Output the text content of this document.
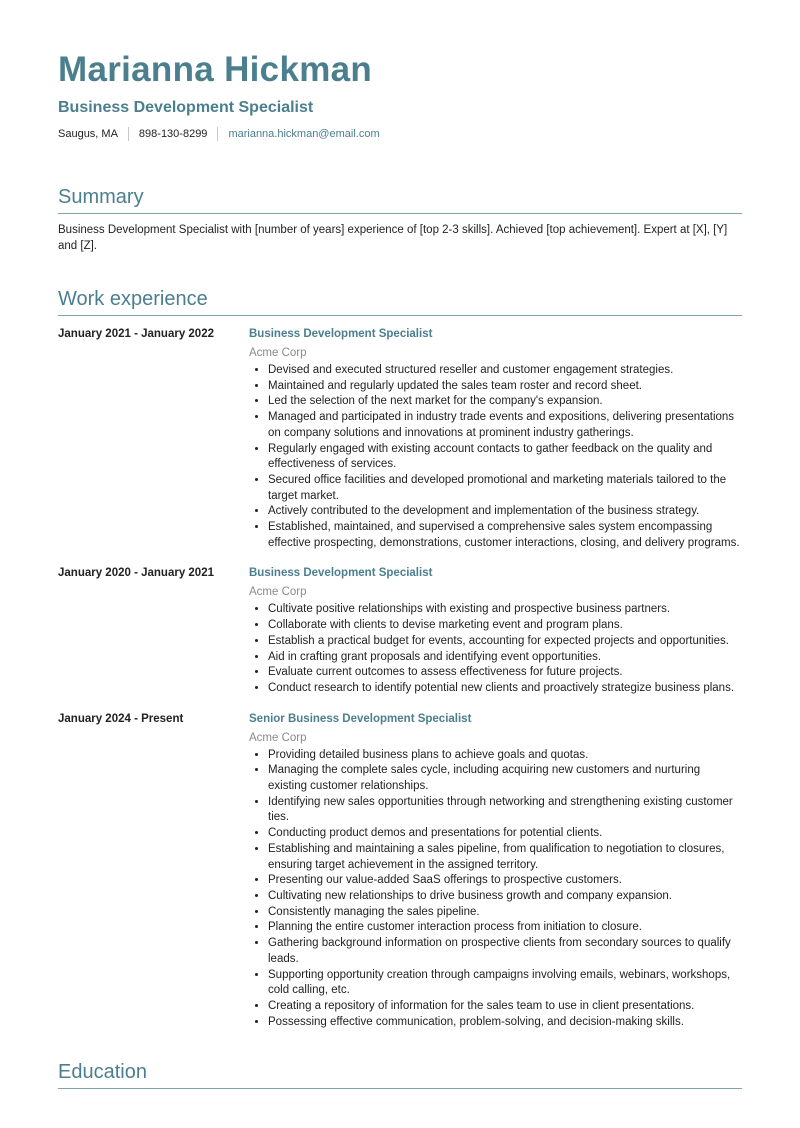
Marianna Hickman
Business Development Specialist
Saugus, MA	898-130-8299	marianna.hickman@email.com
Summary

Business Development Specialist with [number of years] experience of [top 2-3 skills]. Achieved [top achievement]. Expert at [X], [Y] and [Z].

Work experience
January 2021 - January 2022	Business Development Specialist
Acme Corp
• Devised and executed structured reseller and customer engagement strategies.
• Maintained and regularly updated the sales team roster and record sheet.
• Led the selection of the next market for the company's expansion.
• Managed and participated in industry trade events and expositions, delivering presentations on company solutions and innovations at prominent industry gatherings.
• Regularly engaged with existing account contacts to gather feedback on the quality and effectiveness of services.
• Secured office facilities and developed promotional and marketing materials tailored to the target market.
• Actively contributed to the development and implementation of the business strategy.
• Established, maintained, and supervised a comprehensive sales system encompassing effective prospecting, demonstrations, customer interactions, closing, and delivery programs.
January 2020 - January 2021	Business Development Specialist
Acme Corp
• Cultivate positive relationships with existing and prospective business partners.
• Collaborate with clients to devise marketing event and program plans.
• Establish a practical budget for events, accounting for expected projects and opportunities.
• Aid in crafting grant proposals and identifying event opportunities.
• Evaluate current outcomes to assess effectiveness for future projects.
• Conduct research to identify potential new clients and proactively strategize business plans.
January 2024 - Present	Senior Business Development Specialist
Acme Corp
• Providing detailed business plans to achieve goals and quotas.
• Managing the complete sales cycle, including acquiring new customers and nurturing existing customer relationships.
• Identifying new sales opportunities through networking and strengthening existing customer ties.
• Conducting product demos and presentations for potential clients.
• Establishing and maintaining a sales pipeline, from qualification to negotiation to closures, ensuring target achievement in the assigned territory.
• Presenting our value-added SaaS offerings to prospective customers.
• Cultivating new relationships to drive business growth and company expansion.
• Consistently managing the sales pipeline.
• Planning the entire customer interaction process from initiation to closure.
• Gathering background information on prospective clients from secondary sources to qualify leads.
• Supporting opportunity creation through campaigns involving emails, webinars, workshops, cold calling, etc.
• Creating a repository of information for the sales team to use in client presentations.
• Possessing effective communication, problem-solving, and decision-making skills.
Education
